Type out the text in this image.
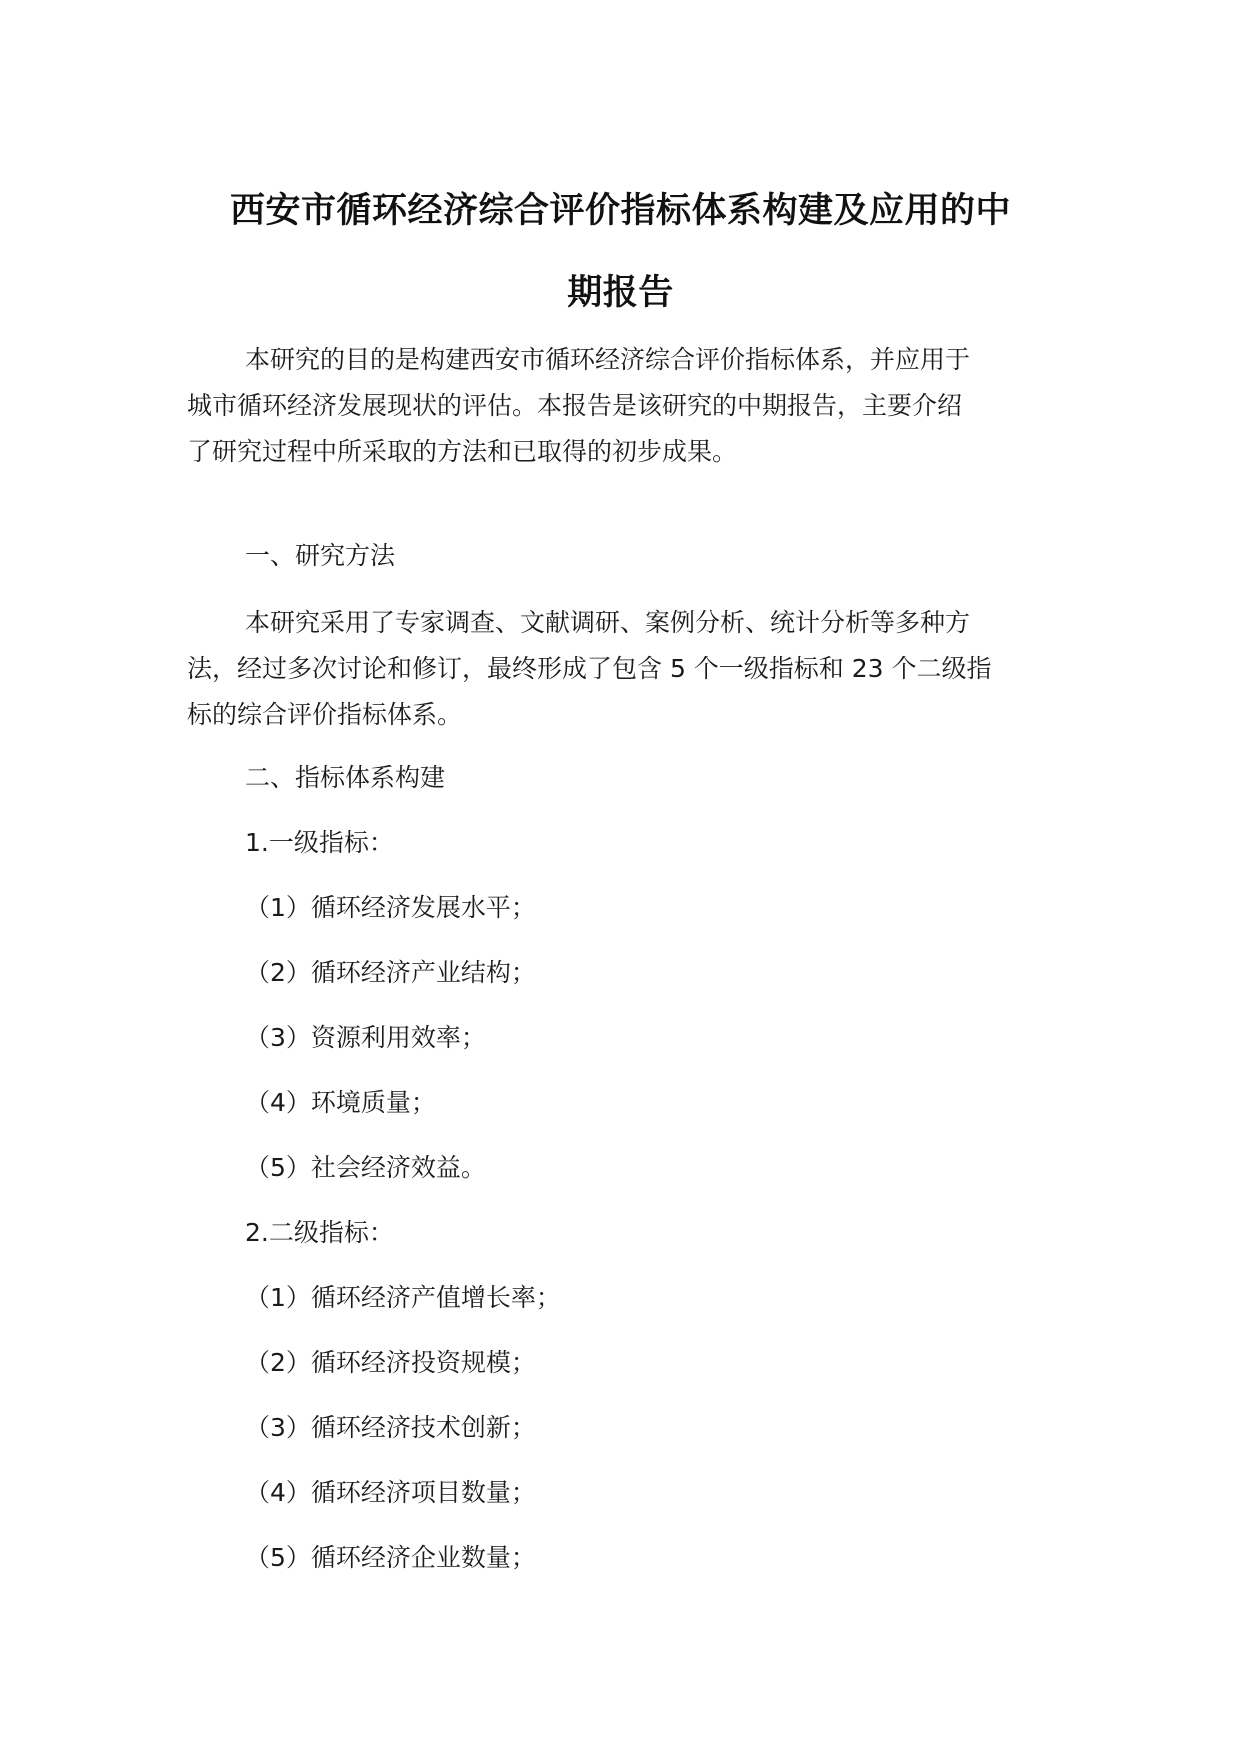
西安市循环经济综合评价指标体系构建及应用的中
期报告
本研究的目的是构建西安市循环经济综合评价指标体系，并应用于
城市循环经济发展现状的评估。本报告是该研究的中期报告，主要介绍
了研究过程中所采取的方法和已取得的初步成果。
一、研究方法
本研究采用了专家调查、文献调研、案例分析、统计分析等多种方
法，经过多次讨论和修订，最终形成了包含 5 个一级指标和 23 个二级指
标的综合评价指标体系。
二、指标体系构建
1.一级指标：
（1）循环经济发展水平；
（2）循环经济产业结构；
（3）资源利用效率；
（4）环境质量；
（5）社会经济效益。
2.二级指标：
（1）循环经济产值增长率；
（2）循环经济投资规模；
（3）循环经济技术创新；
（4）循环经济项目数量；
（5）循环经济企业数量；
